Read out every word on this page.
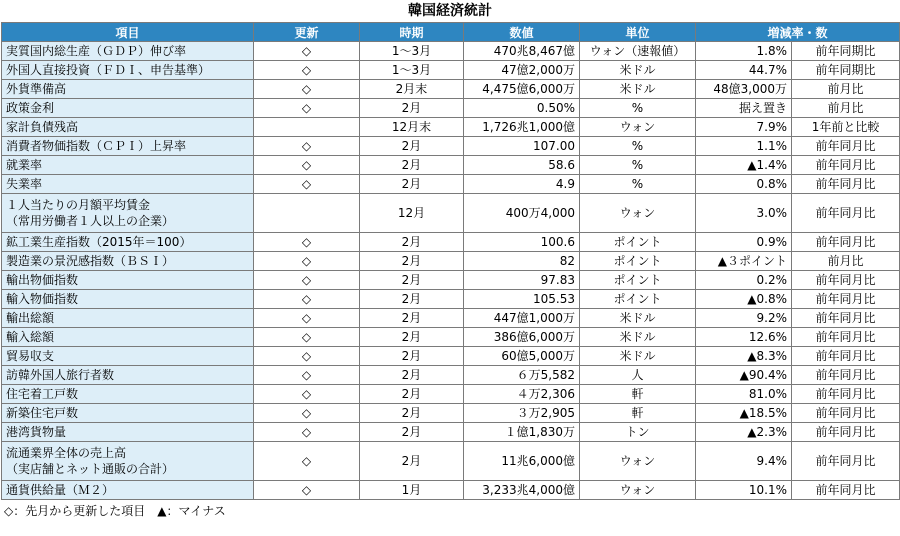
韓国経済統計
項目	更新	時期	数値	単位	増減率・数	
実質国内総生産（ＧＤＰ）伸び率	◇	1～3月	470兆8,467億	ウォン（速報値）	1.8%	前年同期比
外国人直接投資（ＦＤＩ、申告基準）	◇	1～3月	47億2,000万	米ドル	44.7%	前年同期比
外貨準備高	◇	2月末	4,475億6,000万	米ドル	48億3,000万	前月比
政策金利	◇	2月	0.50%	%	据え置き	前月比
家計負債残高		12月末	1,726兆1,000億	ウォン	7.9%	1年前と比較
消費者物価指数（ＣＰＩ）上昇率	◇	2月	107.00	%	1.1%	前年同月比
就業率	◇	2月	58.6	%	▲1.4%	前年同月比
失業率	◇	2月	4.9	%	0.8%	前年同月比
１人当たりの月額平均賃金
（常用労働者１人以上の企業）		12月	400万4,000	ウォン	3.0%	前年同月比
鉱工業生産指数（2015年＝100）	◇	2月	100.6	ポイント	0.9%	前年同月比
製造業の景況感指数（ＢＳＩ）	◇	2月	82	ポイント	▲３ポイント	前月比
輸出物価指数	◇	2月	97.83	ポイント	0.2%	前年同月比
輸入物価指数	◇	2月	105.53	ポイント	▲0.8%	前年同月比
輸出総額	◇	2月	447億1,000万	米ドル	9.2%	前年同月比
輸入総額	◇	2月	386億6,000万	米ドル	12.6%	前年同月比
貿易収支	◇	2月	60億5,000万	米ドル	▲8.3%	前年同月比
訪韓外国人旅行者数	◇	2月	６万5,582	人	▲90.4%	前年同月比
住宅着工戸数	◇	2月	４万2,306	軒	81.0%	前年同月比
新築住宅戸数	◇	2月	３万2,905	軒	▲18.5%	前年同月比
港湾貨物量	◇	2月	１億1,830万	トン	▲2.3%	前年同月比
流通業界全体の売上高
（実店舗とネット通販の合計）	◇	2月	11兆6,000億	ウォン	9.4%	前年同月比
通貨供給量（Ｍ２）	◇	1月	3,233兆4,000億	ウォン	10.1%	前年同月比
◇：先月から更新した項目　▲：マイナス
